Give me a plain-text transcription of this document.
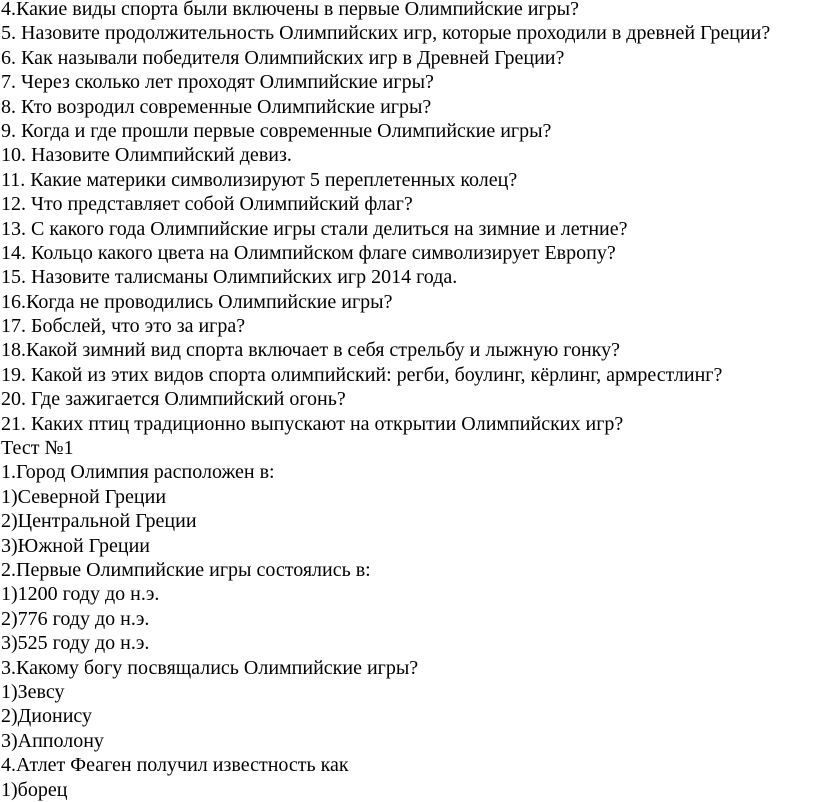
4.Какие виды спорта были включены в первые Олимпийские игры?
5. Назовите продолжительность Олимпийских игр, которые проходили в древней Греции?
6. Как называли победителя Олимпийских игр в Древней Греции?
7. Через сколько лет проходят Олимпийские игры?
8. Кто возродил современные Олимпийские игры?
9. Когда и где прошли первые современные Олимпийские игры?
10. Назовите Олимпийский девиз.
11. Какие материки символизируют 5 переплетенных колец?
12. Что представляет собой Олимпийский флаг?
13. С какого года Олимпийские игры стали делиться на зимние и летние?
14. Кольцо какого цвета на Олимпийском флаге символизирует Европу?
15. Назовите талисманы Олимпийских игр 2014 года.
16.Когда не проводились Олимпийские игры?
17. Бобслей, что это за игра?
18.Какой зимний вид спорта включает в себя стрельбу и лыжную гонку?
19. Какой из этих видов спорта олимпийский: регби, боулинг, кёрлинг, армрестлинг?
20. Где зажигается Олимпийский огонь?
21. Каких птиц традиционно выпускают на открытии Олимпийских игр?
Тест №1
1.Город Олимпия расположен в:
1)Северной Греции
2)Центральной Греции
3)Южной Греции
2.Первые Олимпийские игры состоялись в:
1)1200 году до н.э.
2)776 году до н.э.
3)525 году до н.э.
3.Какому богу посвящались Олимпийские игры?
1)Зевсу
2)Дионису
3)Апполону
4.Атлет Феаген получил известность как
1)борец
